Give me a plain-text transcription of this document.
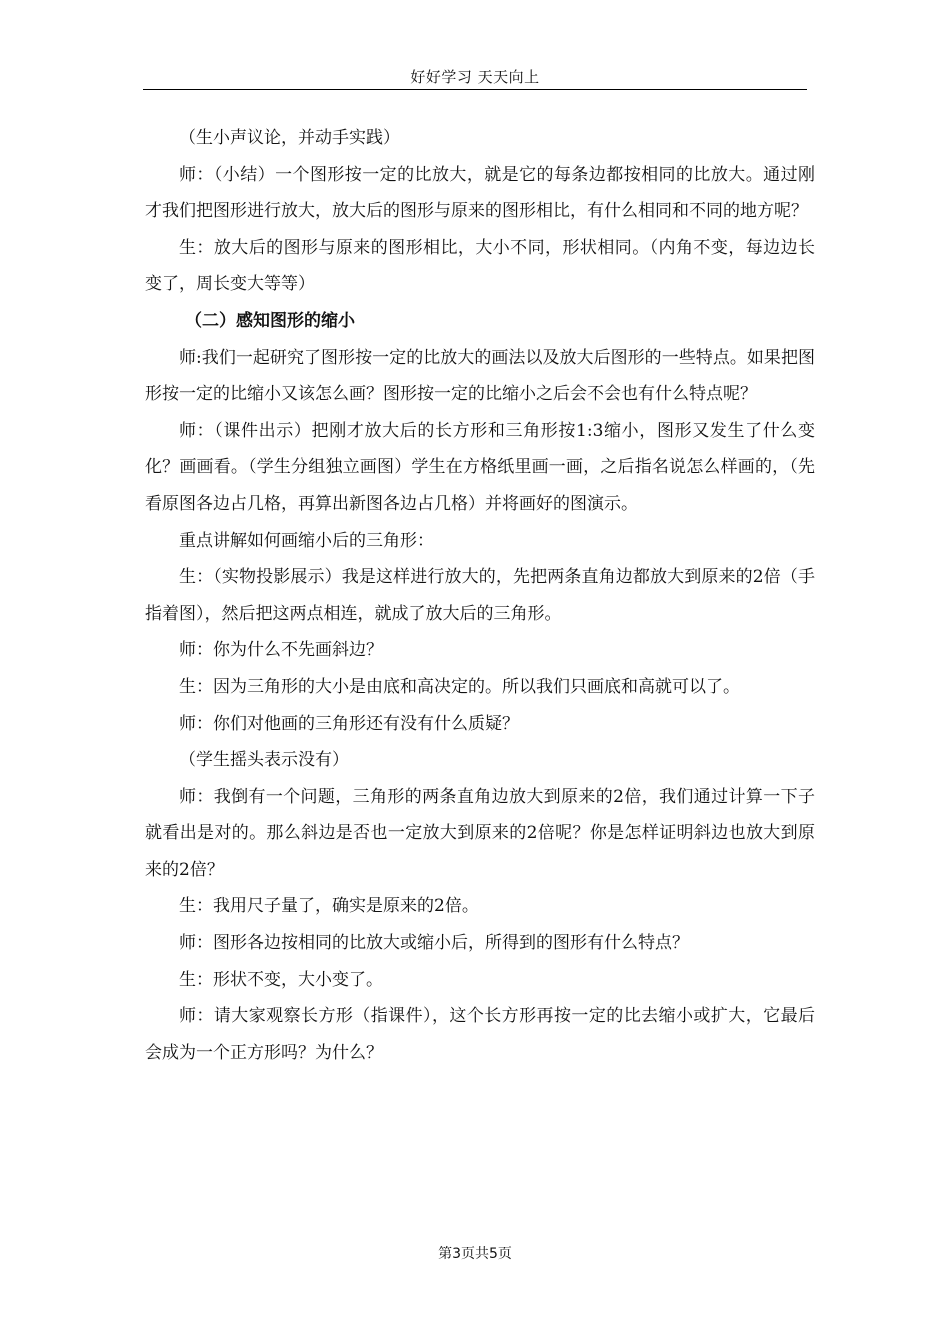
好好学习 天天向上

（生小声议论，并动手实践）

师：（小结）一个图形按一定的比放大，就是它的每条边都按相同的比放大。通过刚才我们把图形进行放大，放大后的图形与原来的图形相比，有什么相同和不同的地方呢？

生：放大后的图形与原来的图形相比，大小不同，形状相同。（内角不变，每边边长变了，周长变大等等）

（二）感知图形的缩小

师:我们一起研究了图形按一定的比放大的画法以及放大后图形的一些特点。如果把图形按一定的比缩小又该怎么画？图形按一定的比缩小之后会不会也有什么特点呢？

师：（课件出示）把刚才放大后的长方形和三角形按1:3缩小，图形又发生了什么变化？画画看。（学生分组独立画图）学生在方格纸里画一画，之后指名说怎么样画的，（先看原图各边占几格，再算出新图各边占几格）并将画好的图演示。

重点讲解如何画缩小后的三角形：

生：（实物投影展示）我是这样进行放大的，先把两条直角边都放大到原来的2倍（手指着图），然后把这两点相连，就成了放大后的三角形。

师：你为什么不先画斜边？

生：因为三角形的大小是由底和高决定的。所以我们只画底和高就可以了。

师：你们对他画的三角形还有没有什么质疑？

（学生摇头表示没有）

师：我倒有一个问题，三角形的两条直角边放大到原来的2倍，我们通过计算一下子就看出是对的。那么斜边是否也一定放大到原来的2倍呢？你是怎样证明斜边也放大到原来的2倍？

生：我用尺子量了，确实是原来的2倍。

师：图形各边按相同的比放大或缩小后，所得到的图形有什么特点？

生：形状不变，大小变了。

师：请大家观察长方形（指课件），这个长方形再按一定的比去缩小或扩大，它最后会成为一个正方形吗？为什么？

第3页共5页
